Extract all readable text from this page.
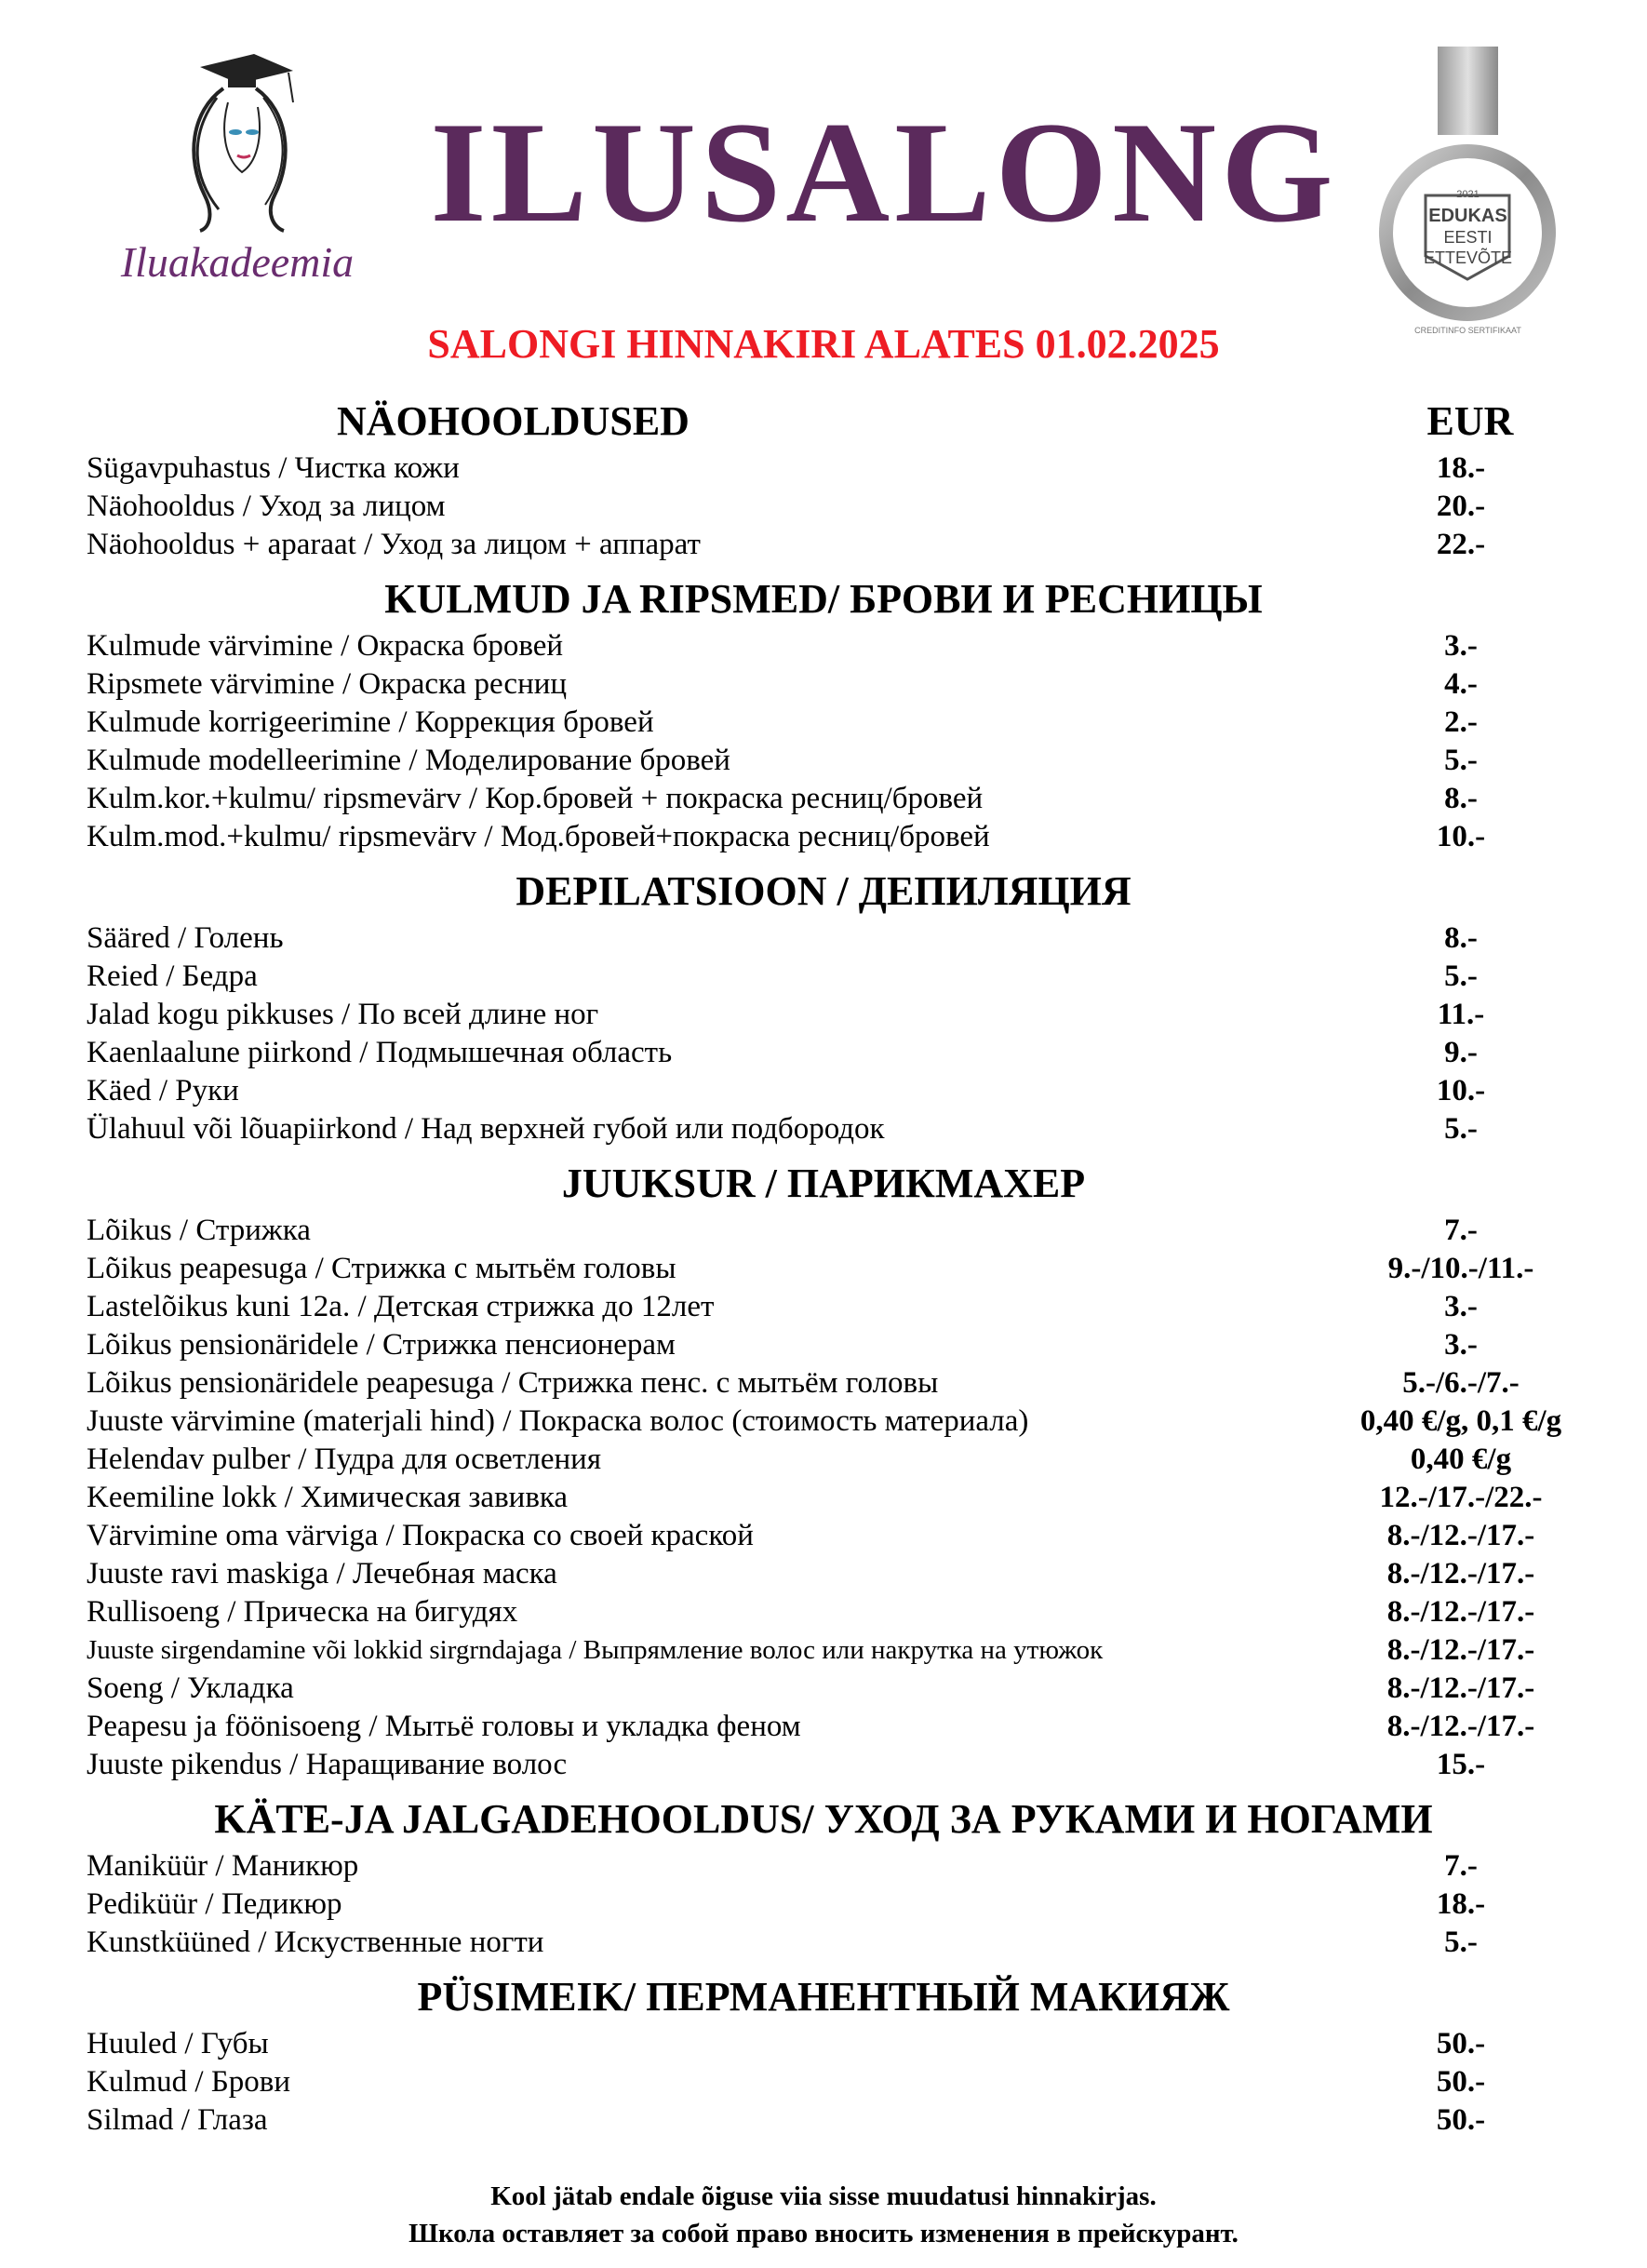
Iluakadeemia
ILUSALONG	2021
EDUKAS
EESTI
ETTEVÕTE
CREDITINFO SERTIFIKAAT
SALONGI HINNAKIRI ALATES 01.02.2025
NÄOHOOLDUSED	EUR
Sügavpuhastus / Чистка кожи	18.-
Näohooldus / Уход за лицом	20.-
Näohooldus + aparaat / Уход за лицом + аппарат	22.-
KULMUD JA RIPSMED/ БРОВИ И РЕСНИЦЫ
Kulmude värvimine / Окраска бровей	3.-
Ripsmete värvimine / Окраска ресниц	4.-
Kulmude korrigeerimine / Коррекция бровей	2.-
Kulmude modelleerimine / Моделирование бровей	5.-
Kulm.kor.+kulmu/ ripsmevärv / Кор.бровей + покраска ресниц/бровей	8.-
Kulm.mod.+kulmu/ ripsmevärv / Мод.бровей+покраска ресниц/бровей	10.-
DEPILATSIOON / ДЕПИЛЯЦИЯ
Sääred / Голень	8.-
Reied / Бедра	5.-
Jalad kogu pikkuses / По всей длине ног	11.-
Kaenlaalune piirkond / Подмышечная область	9.-
Käed / Руки	10.-
Ülahuul või lõuapiirkond / Над верхней губой или подбородок	5.-
JUUKSUR / ПАРИКМАХЕР
Lõikus / Стрижка	7.-
Lõikus peapesuga / Стрижка с мытьём головы	9.-/10.-/11.-
Lastelõikus kuni 12a. / Детская стрижка до 12лет	3.-
Lõikus pensionäridele / Стрижка пенсионерам	3.-
Lõikus pensionäridele peapesuga / Стрижка пенс. с мытьём головы	5.-/6.-/7.-
Juuste värvimine (materjali hind) / Покраска волос (стоимость материала)	0,40 €/g, 0,1 €/g
Helendav pulber / Пудра для осветления	0,40 €/g
Keemiline lokk / Химическая завивка	12.-/17.-/22.-
Värvimine oma värviga / Покраска со своей краской	8.-/12.-/17.-
Juuste ravi maskiga / Лечебная маска	8.-/12.-/17.-
Rullisoeng / Прическа на бигудях	8.-/12.-/17.-
Juuste sirgendamine või lokkid sirgrndajaga / Выпрямление волос или накрутка на утюжок	8.-/12.-/17.-
Soeng / Укладка	8.-/12.-/17.-
Peapesu ja föönisoeng / Мытьё головы и укладка феном	8.-/12.-/17.-
Juuste pikendus / Наращивание волос	15.-
KÄTE-JA JALGADEHOOLDUS/ УХОД ЗА РУКАМИ И НОГАМИ
Maniküür / Маникюр	7.-
Pediküür / Педикюр	18.-
Kunstküüned / Искуственные ногти	5.-
PÜSIMEIK/ ПЕРМАНЕНТНЫЙ МАКИЯЖ
Huuled / Губы	50.-
Kulmud / Брови	50.-
Silmad / Глаза	50.-
Kool jätab endale õiguse viia sisse muudatusi hinnakirjas.
Школа оставляет за собой право вносить изменения в прейскурант.
